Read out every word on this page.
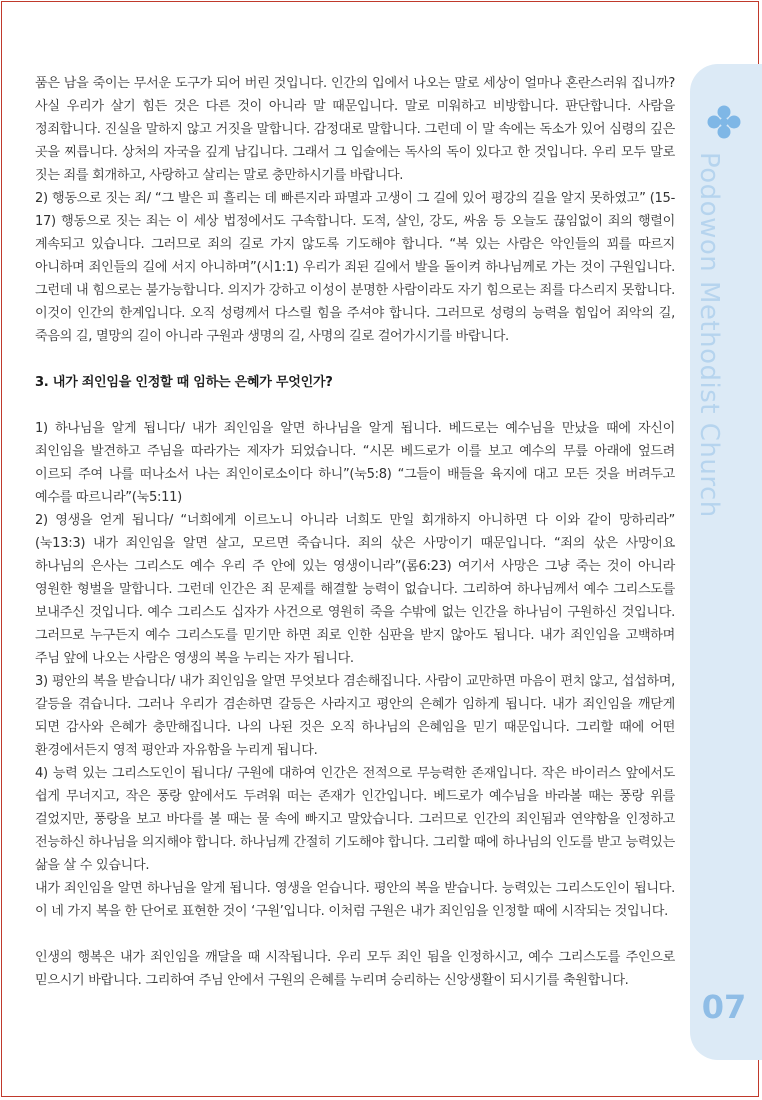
Podowon Methodist Church
07

품은 남을 죽이는 무서운 도구가 되어 버린 것입니다. 인간의 입에서 나오는 말로 세상이 얼마나 혼란스러워 집니까? 사실 우리가 살기 힘든 것은 다른 것이 아니라 말 때문입니다. 말로 미워하고 비방합니다. 판단합니다. 사람을 정죄합니다. 진실을 말하지 않고 거짓을 말합니다. 감정대로 말합니다. 그런데 이 말 속에는 독소가 있어 심령의 깊은 곳을 찌릅니다. 상처의 자국을 깊게 남깁니다. 그래서 그 입술에는 독사의 독이 있다고 한 것입니다. 우리 모두 말로 짓는 죄를 회개하고, 사랑하고 살리는 말로 충만하시기를 바랍니다.

2) 행동으로 짓는 죄/ “그 발은 피 흘리는 데 빠른지라 파멸과 고생이 그 길에 있어 평강의 길을 알지 못하였고” (15-17) 행동으로 짓는 죄는 이 세상 법정에서도 구속합니다. 도적, 살인, 강도, 싸움 등 오늘도 끊임없이 죄의 행렬이 계속되고 있습니다. 그러므로 죄의 길로 가지 않도록 기도해야 합니다. “복 있는 사람은 악인들의 꾀를 따르지 아니하며 죄인들의 길에 서지 아니하며”(시1:1) 우리가 죄된 길에서 발을 돌이켜 하나님께로 가는 것이 구원입니다. 그런데 내 힘으로는 불가능합니다. 의지가 강하고 이성이 분명한 사람이라도 자기 힘으로는 죄를 다스리지 못합니다. 이것이 인간의 한계입니다. 오직 성령께서 다스릴 힘을 주셔야 합니다. 그러므로 성령의 능력을 힘입어 죄악의 길, 죽음의 길, 멸망의 길이 아니라 구원과 생명의 길, 사명의 길로 걸어가시기를 바랍니다.

3. 내가 죄인임을 인정할 때 임하는 은혜가 무엇인가?

1) 하나님을 알게 됩니다/ 내가 죄인임을 알면 하나님을 알게 됩니다. 베드로는 예수님을 만났을 때에 자신이 죄인임을 발견하고 주님을 따라가는 제자가 되었습니다. “시몬 베드로가 이를 보고 예수의 무릎 아래에 엎드려 이르되 주여 나를 떠나소서 나는 죄인이로소이다 하니”(눅5:8) “그들이 배들을 육지에 대고 모든 것을 버려두고 예수를 따르니라”(눅5:11)

2) 영생을 얻게 됩니다/ “너희에게 이르노니 아니라 너희도 만일 회개하지 아니하면 다 이와 같이 망하리라” (눅13:3) 내가 죄인임을 알면 살고, 모르면 죽습니다. 죄의 삯은 사망이기 때문입니다. “죄의 삯은 사망이요 하나님의 은사는 그리스도 예수 우리 주 안에 있는 영생이니라”(롬6:23) 여기서 사망은 그냥 죽는 것이 아니라 영원한 형벌을 말합니다. 그런데 인간은 죄 문제를 해결할 능력이 없습니다. 그리하여 하나님께서 예수 그리스도를 보내주신 것입니다. 예수 그리스도 십자가 사건으로 영원히 죽을 수밖에 없는 인간을 하나님이 구원하신 것입니다. 그러므로 누구든지 예수 그리스도를 믿기만 하면 죄로 인한 심판을 받지 않아도 됩니다. 내가 죄인임을 고백하며 주님 앞에 나오는 사람은 영생의 복을 누리는 자가 됩니다.

3) 평안의 복을 받습니다/ 내가 죄인임을 알면 무엇보다 겸손해집니다. 사람이 교만하면 마음이 편치 않고, 섭섭하며, 갈등을 겪습니다. 그러나 우리가 겸손하면 갈등은 사라지고 평안의 은혜가 임하게 됩니다. 내가 죄인임을 깨닫게 되면 감사와 은혜가 충만해집니다. 나의 나된 것은 오직 하나님의 은혜임을 믿기 때문입니다. 그리할 때에 어떤 환경에서든지 영적 평안과 자유함을 누리게 됩니다.

4) 능력 있는 그리스도인이 됩니다/ 구원에 대하여 인간은 전적으로 무능력한 존재입니다. 작은 바이러스 앞에서도 쉽게 무너지고, 작은 풍랑 앞에서도 두려워 떠는 존재가 인간입니다. 베드로가 예수님을 바라볼 때는 풍랑 위를 걸었지만, 풍랑을 보고 바다를 볼 때는 물 속에 빠지고 말았습니다. 그러므로 인간의 죄인됨과 연약함을 인정하고 전능하신 하나님을 의지해야 합니다. 하나님께 간절히 기도해야 합니다. 그리할 때에 하나님의 인도를 받고 능력있는 삶을 살 수 있습니다.

내가 죄인임을 알면 하나님을 알게 됩니다. 영생을 얻습니다. 평안의 복을 받습니다. 능력있는 그리스도인이 됩니다. 이 네 가지 복을 한 단어로 표현한 것이 ‘구원’입니다. 이처럼 구원은 내가 죄인임을 인정할 때에 시작되는 것입니다.

인생의 행복은 내가 죄인임을 깨달을 때 시작됩니다. 우리 모두 죄인 됨을 인정하시고, 예수 그리스도를 주인으로 믿으시기 바랍니다. 그리하여 주님 안에서 구원의 은혜를 누리며 승리하는 신앙생활이 되시기를 축원합니다.
